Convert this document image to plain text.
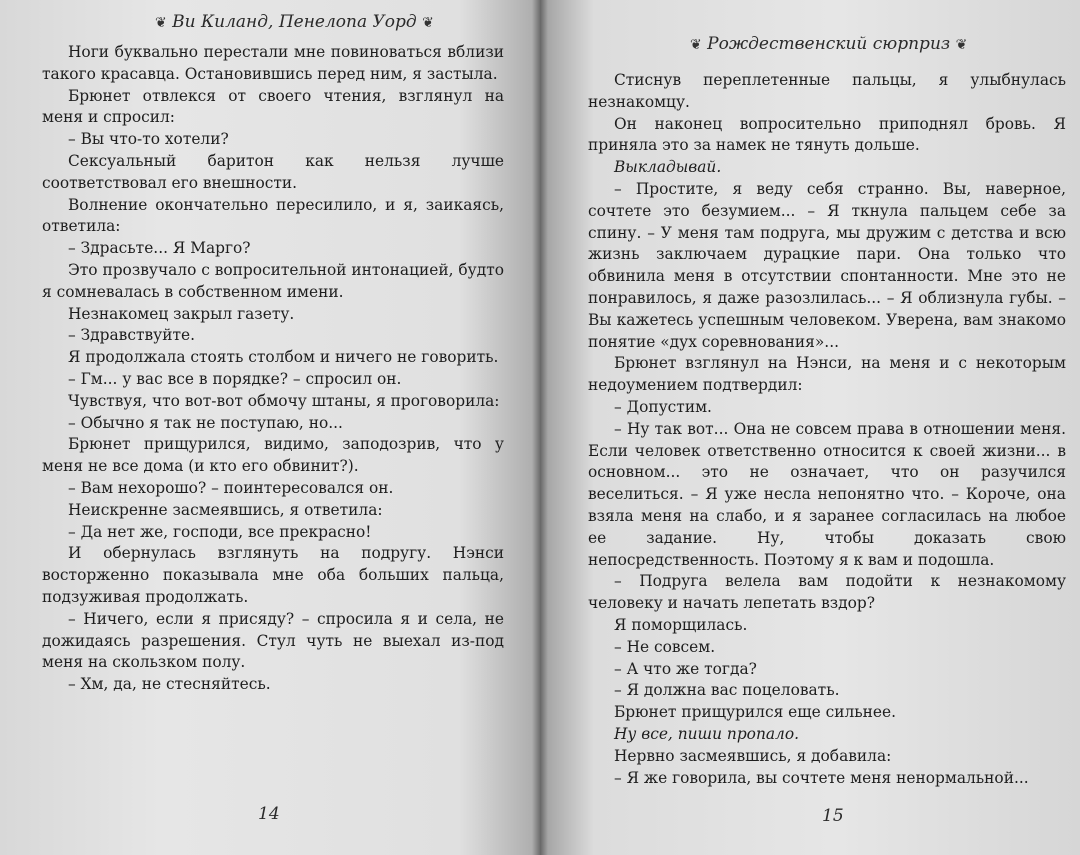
❦ Ви Киланд, Пенелопа Уорд ❦

Ноги буквально перестали мне повиноваться вблизи такого красавца. Остановившись перед ним, я застыла.

Брюнет отвлекся от своего чтения, взглянул на меня и спросил:

– Вы что-то хотели?

Сексуальный баритон как нельзя лучше соответствовал его внешности.

Волнение окончательно пересилило, и я, заикаясь, ответила:

– Здрасьте... Я Марго?

Это прозвучало с вопросительной интонацией, будто я сомневалась в собственном имени.

Незнакомец закрыл газету.

– Здравствуйте.

Я продолжала стоять столбом и ничего не говорить.

– Гм... у вас все в порядке? – спросил он.

Чувствуя, что вот-вот обмочу штаны, я проговорила:

– Обычно я так не поступаю, но...

Брюнет прищурился, видимо, заподозрив, что у меня не все дома (и кто его обвинит?).

– Вам нехорошо? – поинтересовался он.

Неискренне засмеявшись, я ответила:

– Да нет же, господи, все прекрасно!

И обернулась взглянуть на подругу. Нэнси восторженно показывала мне оба больших пальца, подзуживая продолжать.

– Ничего, если я присяду? – спросила я и села, не дожидаясь разрешения. Стул чуть не выехал из-под меня на скользком полу.

– Хм, да, не стесняйтесь.

14
❦ Рождественский сюрприз ❦

Стиснув переплетенные пальцы, я улыбнулась незнакомцу.

Он наконец вопросительно приподнял бровь. Я приняла это за намек не тянуть дольше.

Выкладывай.

– Простите, я веду себя странно. Вы, наверное, сочтете это безумием... – Я ткнула пальцем себе за спину. – У меня там подруга, мы дружим с детства и всю жизнь заключаем дурацкие пари. Она только что обвинила меня в отсутствии спонтанности. Мне это не понравилось, я даже разозлилась... – Я облизнула губы. – Вы кажетесь успешным человеком. Уверена, вам знакомо понятие «дух соревнования»...

Брюнет взглянул на Нэнси, на меня и с некоторым недоумением подтвердил:

– Допустим.

– Ну так вот... Она не совсем права в отношении меня. Если человек ответственно относится к своей жизни... в основном... это не означает, что он разучился веселиться. – Я уже несла непонятно что. – Короче, она взяла меня на слабо, и я заранее согласилась на любое ее задание. Ну, чтобы доказать свою непосредственность. Поэтому я к вам и подошла.

– Подруга велела вам подойти к незнакомому человеку и начать лепетать вздор?

Я поморщилась.

– Не совсем.

– А что же тогда?

– Я должна вас поцеловать.

Брюнет прищурился еще сильнее.

Ну все, пиши пропало.

Нервно засмеявшись, я добавила:

– Я же говорила, вы сочтете меня ненормальной...

15
